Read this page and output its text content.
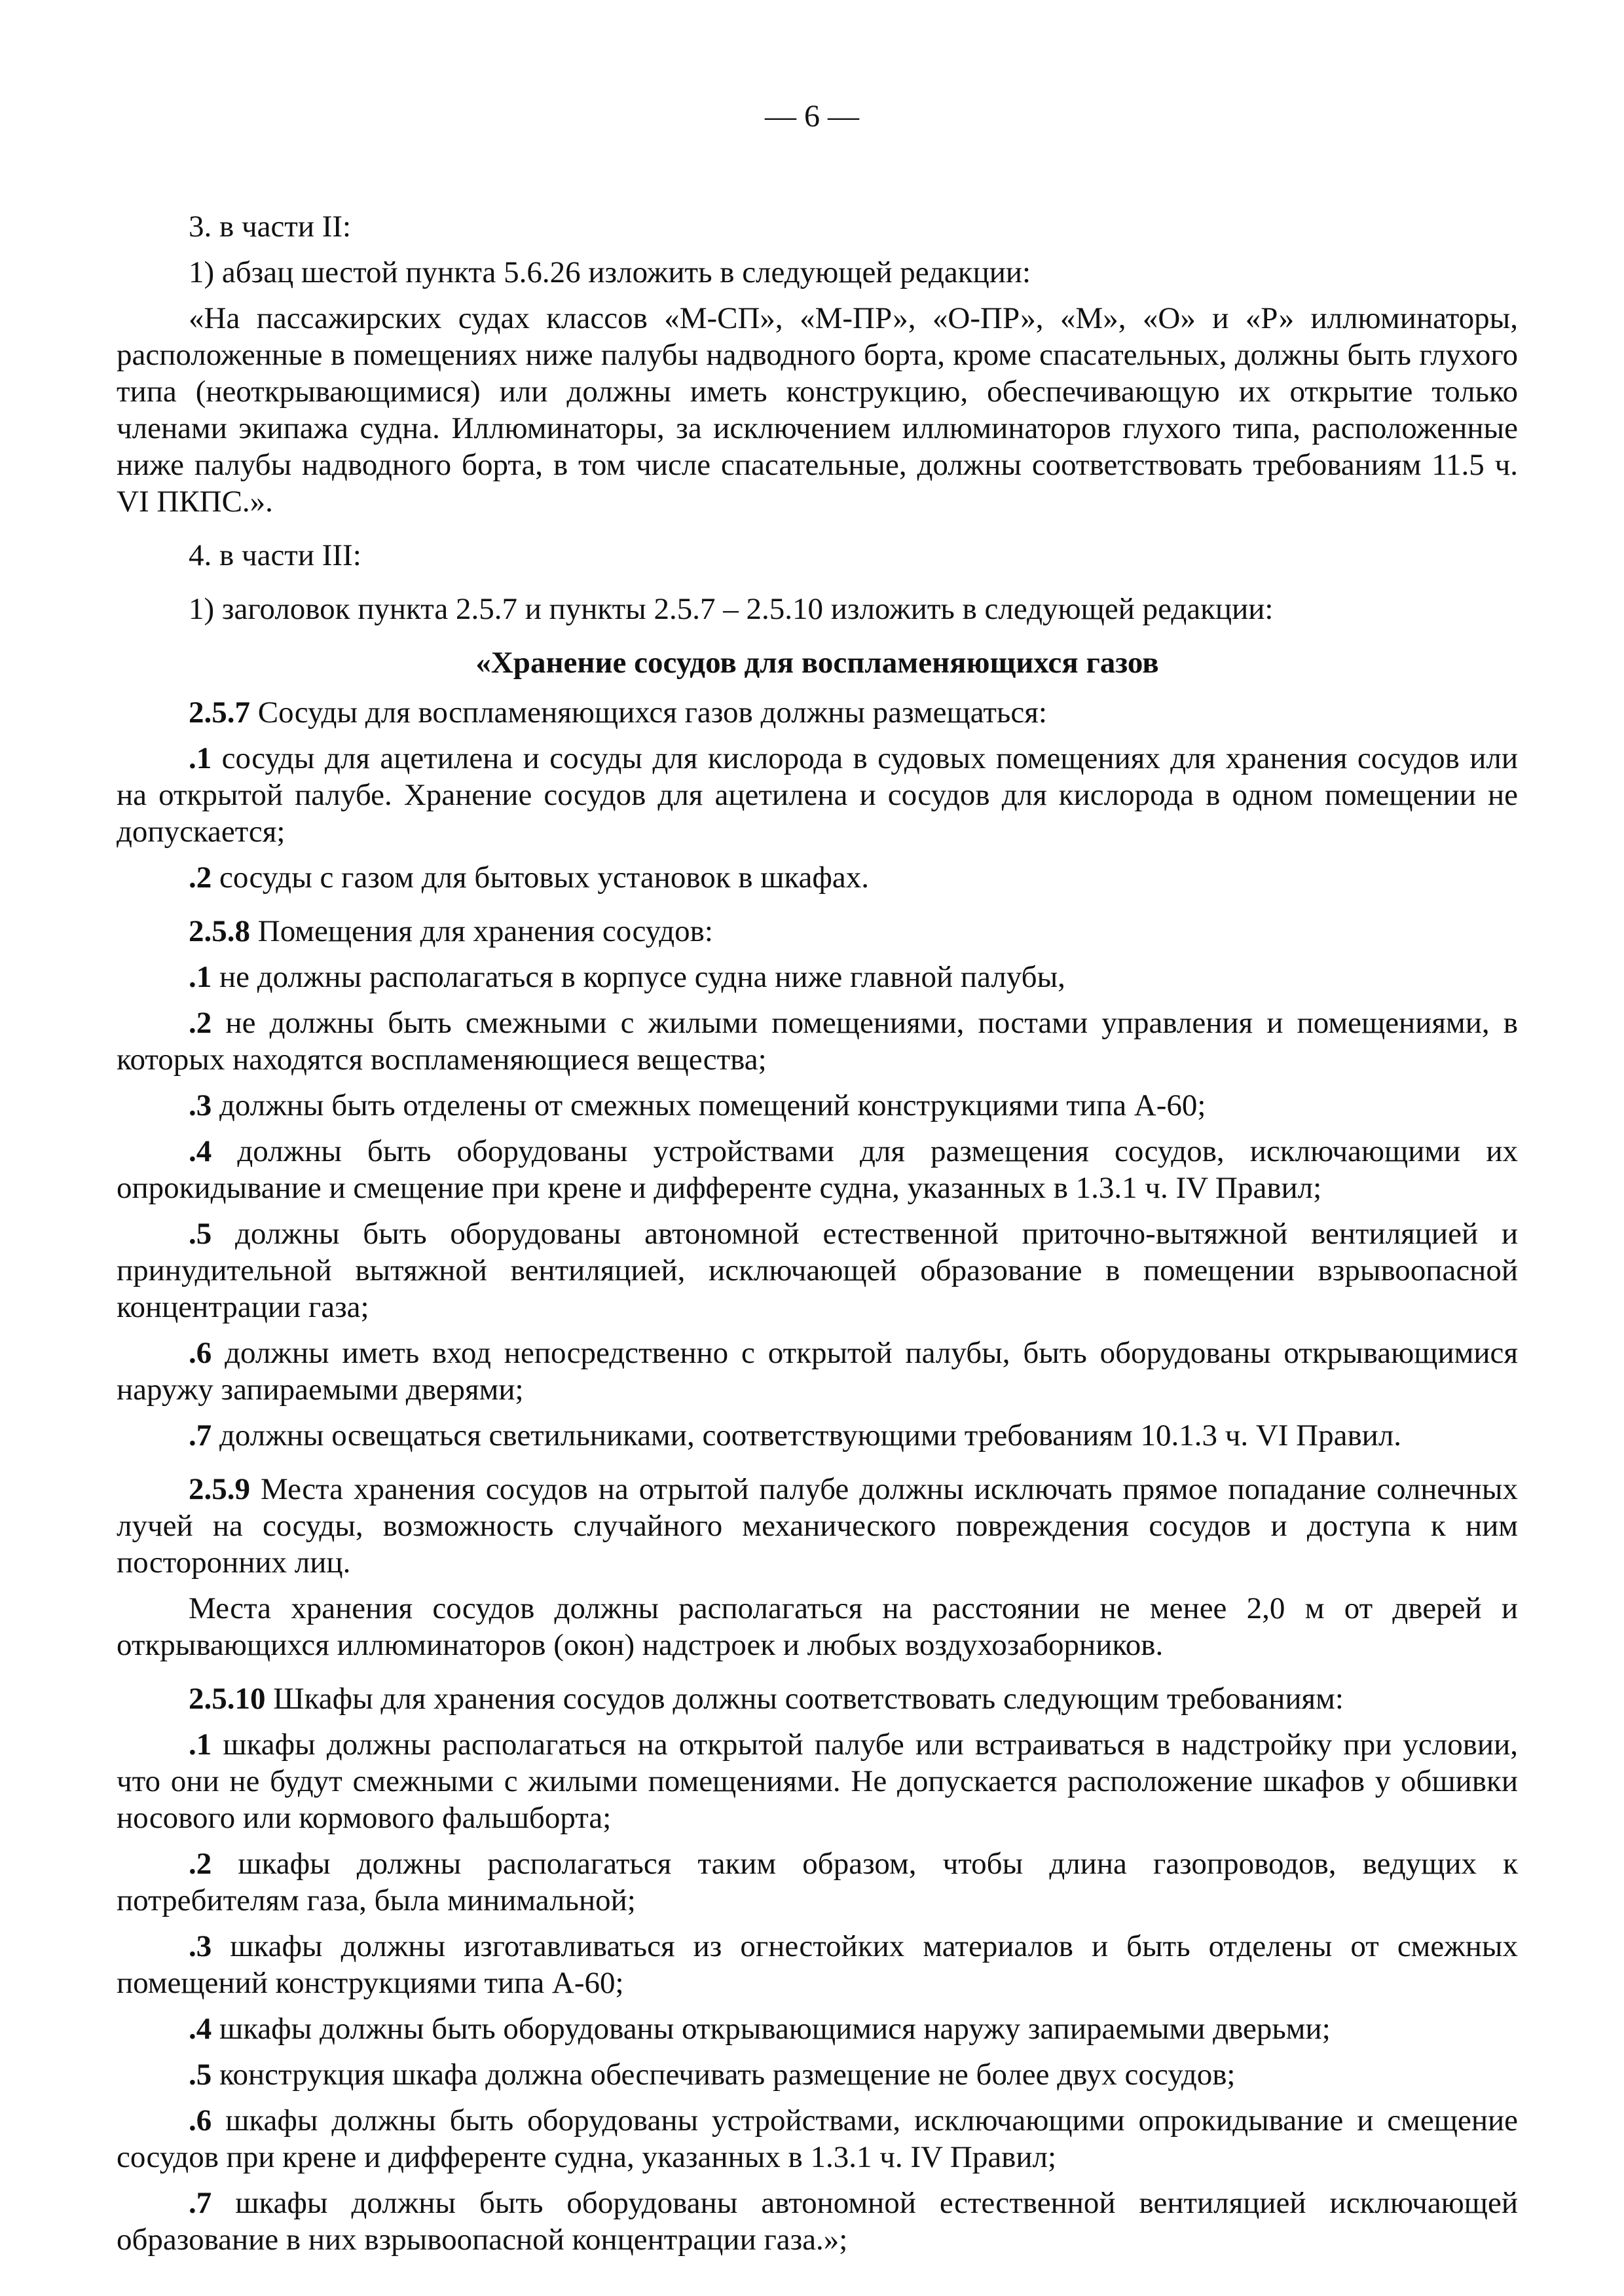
— 6 —

3. в части II:

1) абзац шестой пункта 5.6.26 изложить в следующей редакции:

«На пассажирских судах классов «М-СП», «М-ПР», «О-ПР», «М», «О» и «Р» иллюминаторы, расположенные в помещениях ниже палубы надводного борта, кроме спасательных, должны быть глухого типа (неоткрывающимися) или должны иметь конструкцию, обеспечивающую их открытие только членами экипажа судна. Иллюминаторы, за исключением иллюминаторов глухого типа, расположенные ниже палубы надводного борта, в том числе спасательные, должны соответствовать требованиям 11.5 ч. VI ПКПС.».

4. в части III:

1) заголовок пункта 2.5.7 и пункты 2.5.7 – 2.5.10 изложить в следующей редакции:

«Хранение сосудов для воспламеняющихся газов

2.5.7 Сосуды для воспламеняющихся газов должны размещаться:

.1 сосуды для ацетилена и сосуды для кислорода в судовых помещениях для хранения сосудов или на открытой палубе. Хранение сосудов для ацетилена и сосудов для кислорода в одном помещении не допускается;

.2 сосуды с газом для бытовых установок в шкафах.

2.5.8 Помещения для хранения сосудов:

.1 не должны располагаться в корпусе судна ниже главной палубы,

.2 не должны быть смежными с жилыми помещениями, постами управления и помещениями, в которых находятся воспламеняющиеся вещества;

.3 должны быть отделены от смежных помещений конструкциями типа А-60;

.4 должны быть оборудованы устройствами для размещения сосудов, исключающими их опрокидывание и смещение при крене и дифференте судна, указанных в 1.3.1 ч. IV Правил;

.5 должны быть оборудованы автономной естественной приточно-вытяжной вентиляцией и принудительной вытяжной вентиляцией, исключающей образование в помещении взрывоопасной концентрации газа;

.6 должны иметь вход непосредственно с открытой палубы, быть оборудованы открывающимися наружу запираемыми дверями;

.7 должны освещаться светильниками, соответствующими требованиям 10.1.3 ч. VI Правил.

2.5.9 Места хранения сосудов на отрытой палубе должны исключать прямое попадание солнечных лучей на сосуды, возможность случайного механического повреждения сосудов и доступа к ним посторонних лиц.

Места хранения сосудов должны располагаться на расстоянии не менее 2,0 м от дверей и открывающихся иллюминаторов (окон) надстроек и любых воздухозаборников.

2.5.10 Шкафы для хранения сосудов должны соответствовать следующим требованиям:

.1 шкафы должны располагаться на открытой палубе или встраиваться в надстройку при условии, что они не будут смежными с жилыми помещениями. Не допускается расположение шкафов у обшивки носового или кормового фальшборта;

.2 шкафы должны располагаться таким образом, чтобы длина газопроводов, ведущих к потребителям газа, была минимальной;

.3 шкафы должны изготавливаться из огнестойких материалов и быть отделены от смежных помещений конструкциями типа А-60;

.4 шкафы должны быть оборудованы открывающимися наружу запираемыми дверьми;

.5 конструкция шкафа должна обеспечивать размещение не более двух сосудов;

.6 шкафы должны быть оборудованы устройствами, исключающими опрокидывание и смещение сосудов при крене и дифференте судна, указанных в 1.3.1 ч. IV Правил;

.7 шкафы должны быть оборудованы автономной естественной вентиляцией исключающей образование в них взрывоопасной концентрации газа.»;
